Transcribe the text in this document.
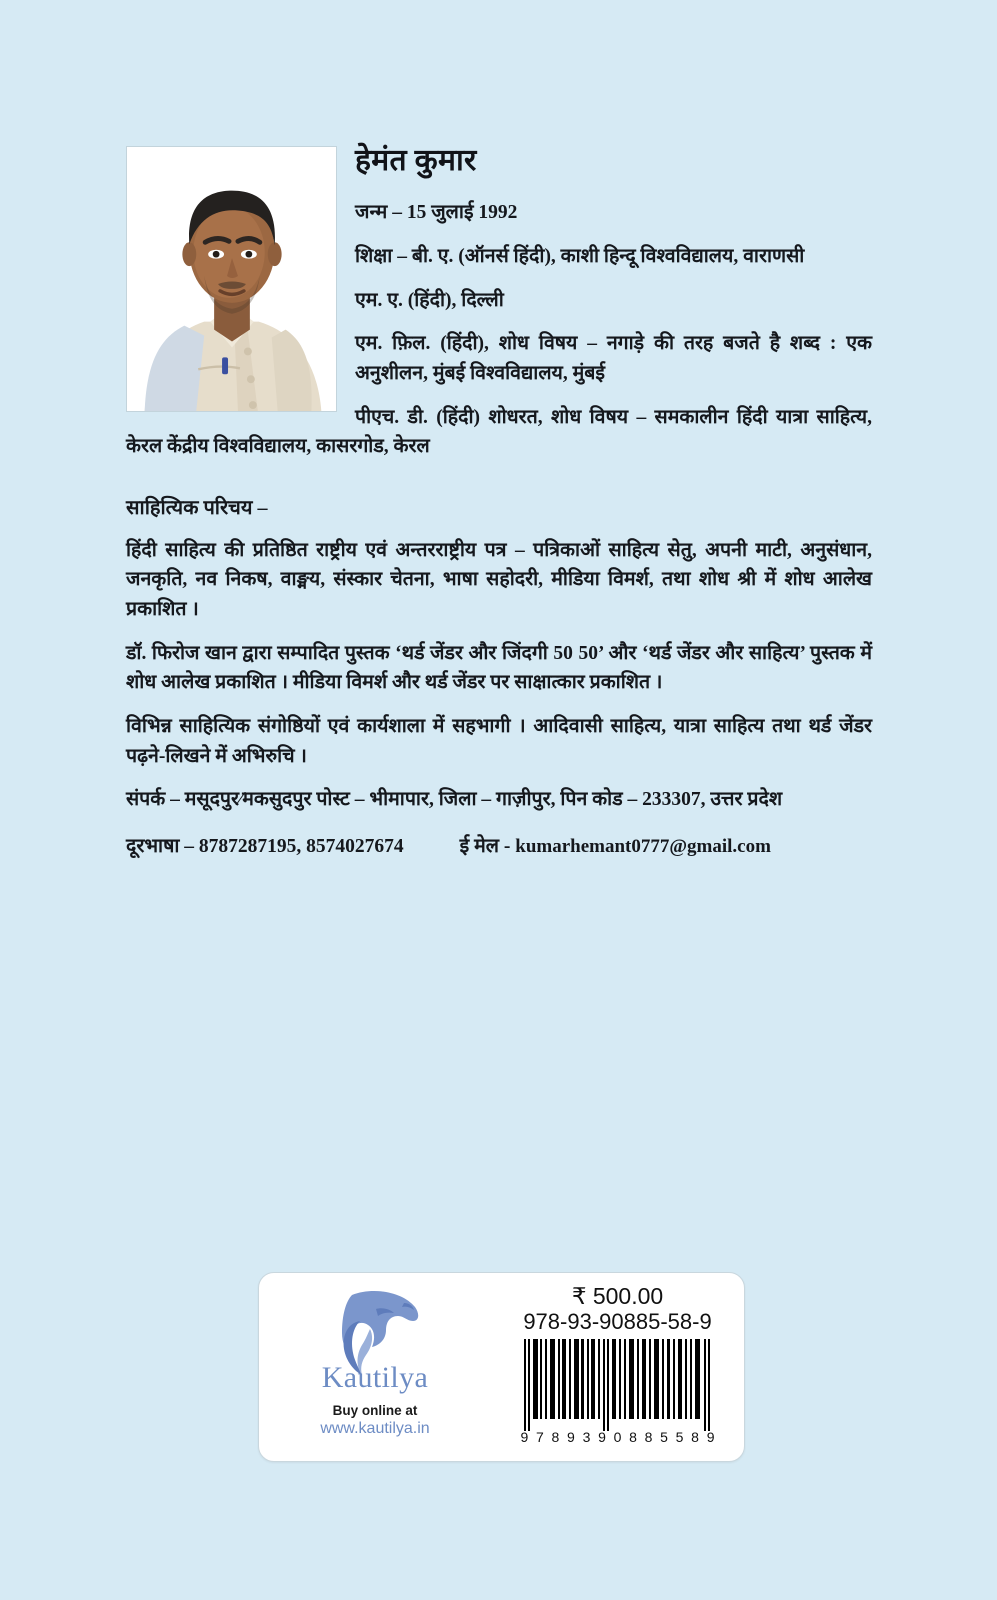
हेमंत कुमार

जन्म – 15 जुलाई 1992

शिक्षा – बी. ए. (ऑनर्स हिंदी), काशी हिन्दू विश्वविद्यालय, वाराणसी

एम. ए. (हिंदी), दिल्ली

एम. फ़िल. (हिंदी), शोध विषय – नगाड़े की तरह बजते है शब्द : एक अनुशीलन, मुंबई विश्वविद्यालय, मुंबई

पीएच. डी. (हिंदी) शोधरत, शोध विषय – समकालीन हिंदी यात्रा साहित्य, केरल केंद्रीय विश्वविद्यालय, कासरगोड, केरल

साहित्यिक परिचय –

हिंदी साहित्य की प्रतिष्ठित राष्ट्रीय एवं अन्तरराष्ट्रीय पत्र – पत्रिकाओं साहित्य सेतु, अपनी माटी, अनुसंधान, जनकृति, नव निकष, वाङ्मय, संस्कार चेतना, भाषा सहोदरी, मीडिया विमर्श, तथा शोध श्री में शोध आलेख प्रकाशित ।

डॉ. फिरोज खान द्वारा सम्पादित पुस्तक ‘थर्ड जेंडर और जिंदगी 50 50’ और ‘थर्ड जेंडर और साहित्य’ पुस्तक में शोध आलेख प्रकाशित । मीडिया विमर्श और थर्ड जेंडर पर साक्षात्कार प्रकाशित ।

विभिन्न साहित्यिक संगोष्ठियों एवं कार्यशाला में सहभागी । आदिवासी साहित्य, यात्रा साहित्य तथा थर्ड जेंडर पढ़ने-लिखने में अभिरुचि ।

संपर्क – मसूदपुर⁄मकसुदपुर पोस्ट – भीमापार, जिला – गाज़ीपुर, पिन कोड – 233307, उत्तर प्रदेश

दूरभाषा – 8787287195, 8574027674	ई मेल - kumarhemant0777@gmail.com
Kautilya
Buy online at
www.kautilya.in
₹ 500.00
978-93-90885-58-9
9 7 8 9 3 9 0 8 8 5 5 8 9
